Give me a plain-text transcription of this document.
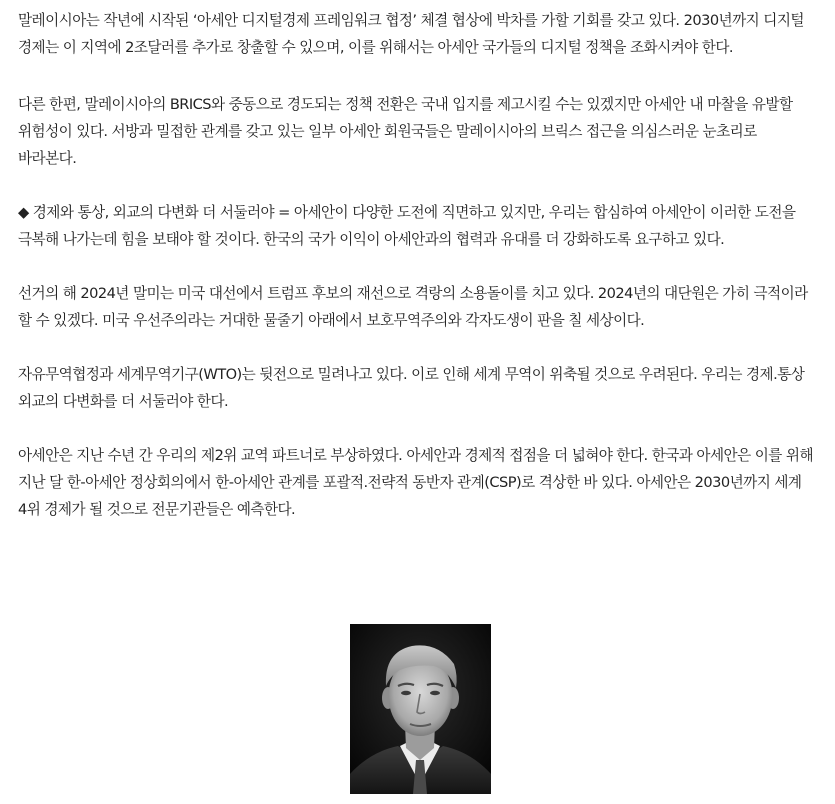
말레이시아는 작년에 시작된 ‘아세안 디지털경제 프레임워크 협정’ 체결 협상에 박차를 가할 기회를 갖고 있다. 2030년까지 디지털 경제는 이 지역에 2조달러를 추가로 창출할 수 있으며, 이를 위해서는 아세안 국가들의 디지털 정책을 조화시켜야 한다.

다른 한편, 말레이시아의 BRICS와 중동으로 경도되는 정책 전환은 국내 입지를 제고시킬 수는 있겠지만 아세안 내 마찰을 유발할 위험성이 있다. 서방과 밀접한 관계를 갖고 있는 일부 아세안 회원국들은 말레이시아의 브릭스 접근을 의심스러운 눈초리로 바라본다.

◆ 경제와 통상, 외교의 다변화 더 서둘러야 = 아세안이 다양한 도전에 직면하고 있지만, 우리는 합심하여 아세안이 이러한 도전을 극복해 나가는데 힘을 보태야 할 것이다. 한국의 국가 이익이 아세안과의 협력과 유대를 더 강화하도록 요구하고 있다.

선거의 해 2024년 말미는 미국 대선에서 트럼프 후보의 재선으로 격랑의 소용돌이를 치고 있다. 2024년의 대단원은 가히 극적이라 할 수 있겠다. 미국 우선주의라는 거대한 물줄기 아래에서 보호무역주의와 각자도생이 판을 칠 세상이다.

자유무역협정과 세계무역기구(WTO)는 뒷전으로 밀려나고 있다. 이로 인해 세계 무역이 위축될 것으로 우려된다. 우리는 경제.통상 외교의 다변화를 더 서둘러야 한다.

아세안은 지난 수년 간 우리의 제2위 교역 파트너로 부상하였다. 아세안과 경제적 접점을 더 넓혀야 한다. 한국과 아세안은 이를 위해 지난 달 한-아세안 정상회의에서 한-아세안 관계를 포괄적.전략적 동반자 관계(CSP)로 격상한 바 있다. 아세안은 2030년까지 세계 4위 경제가 될 것으로 전문기관들은 예측한다.
